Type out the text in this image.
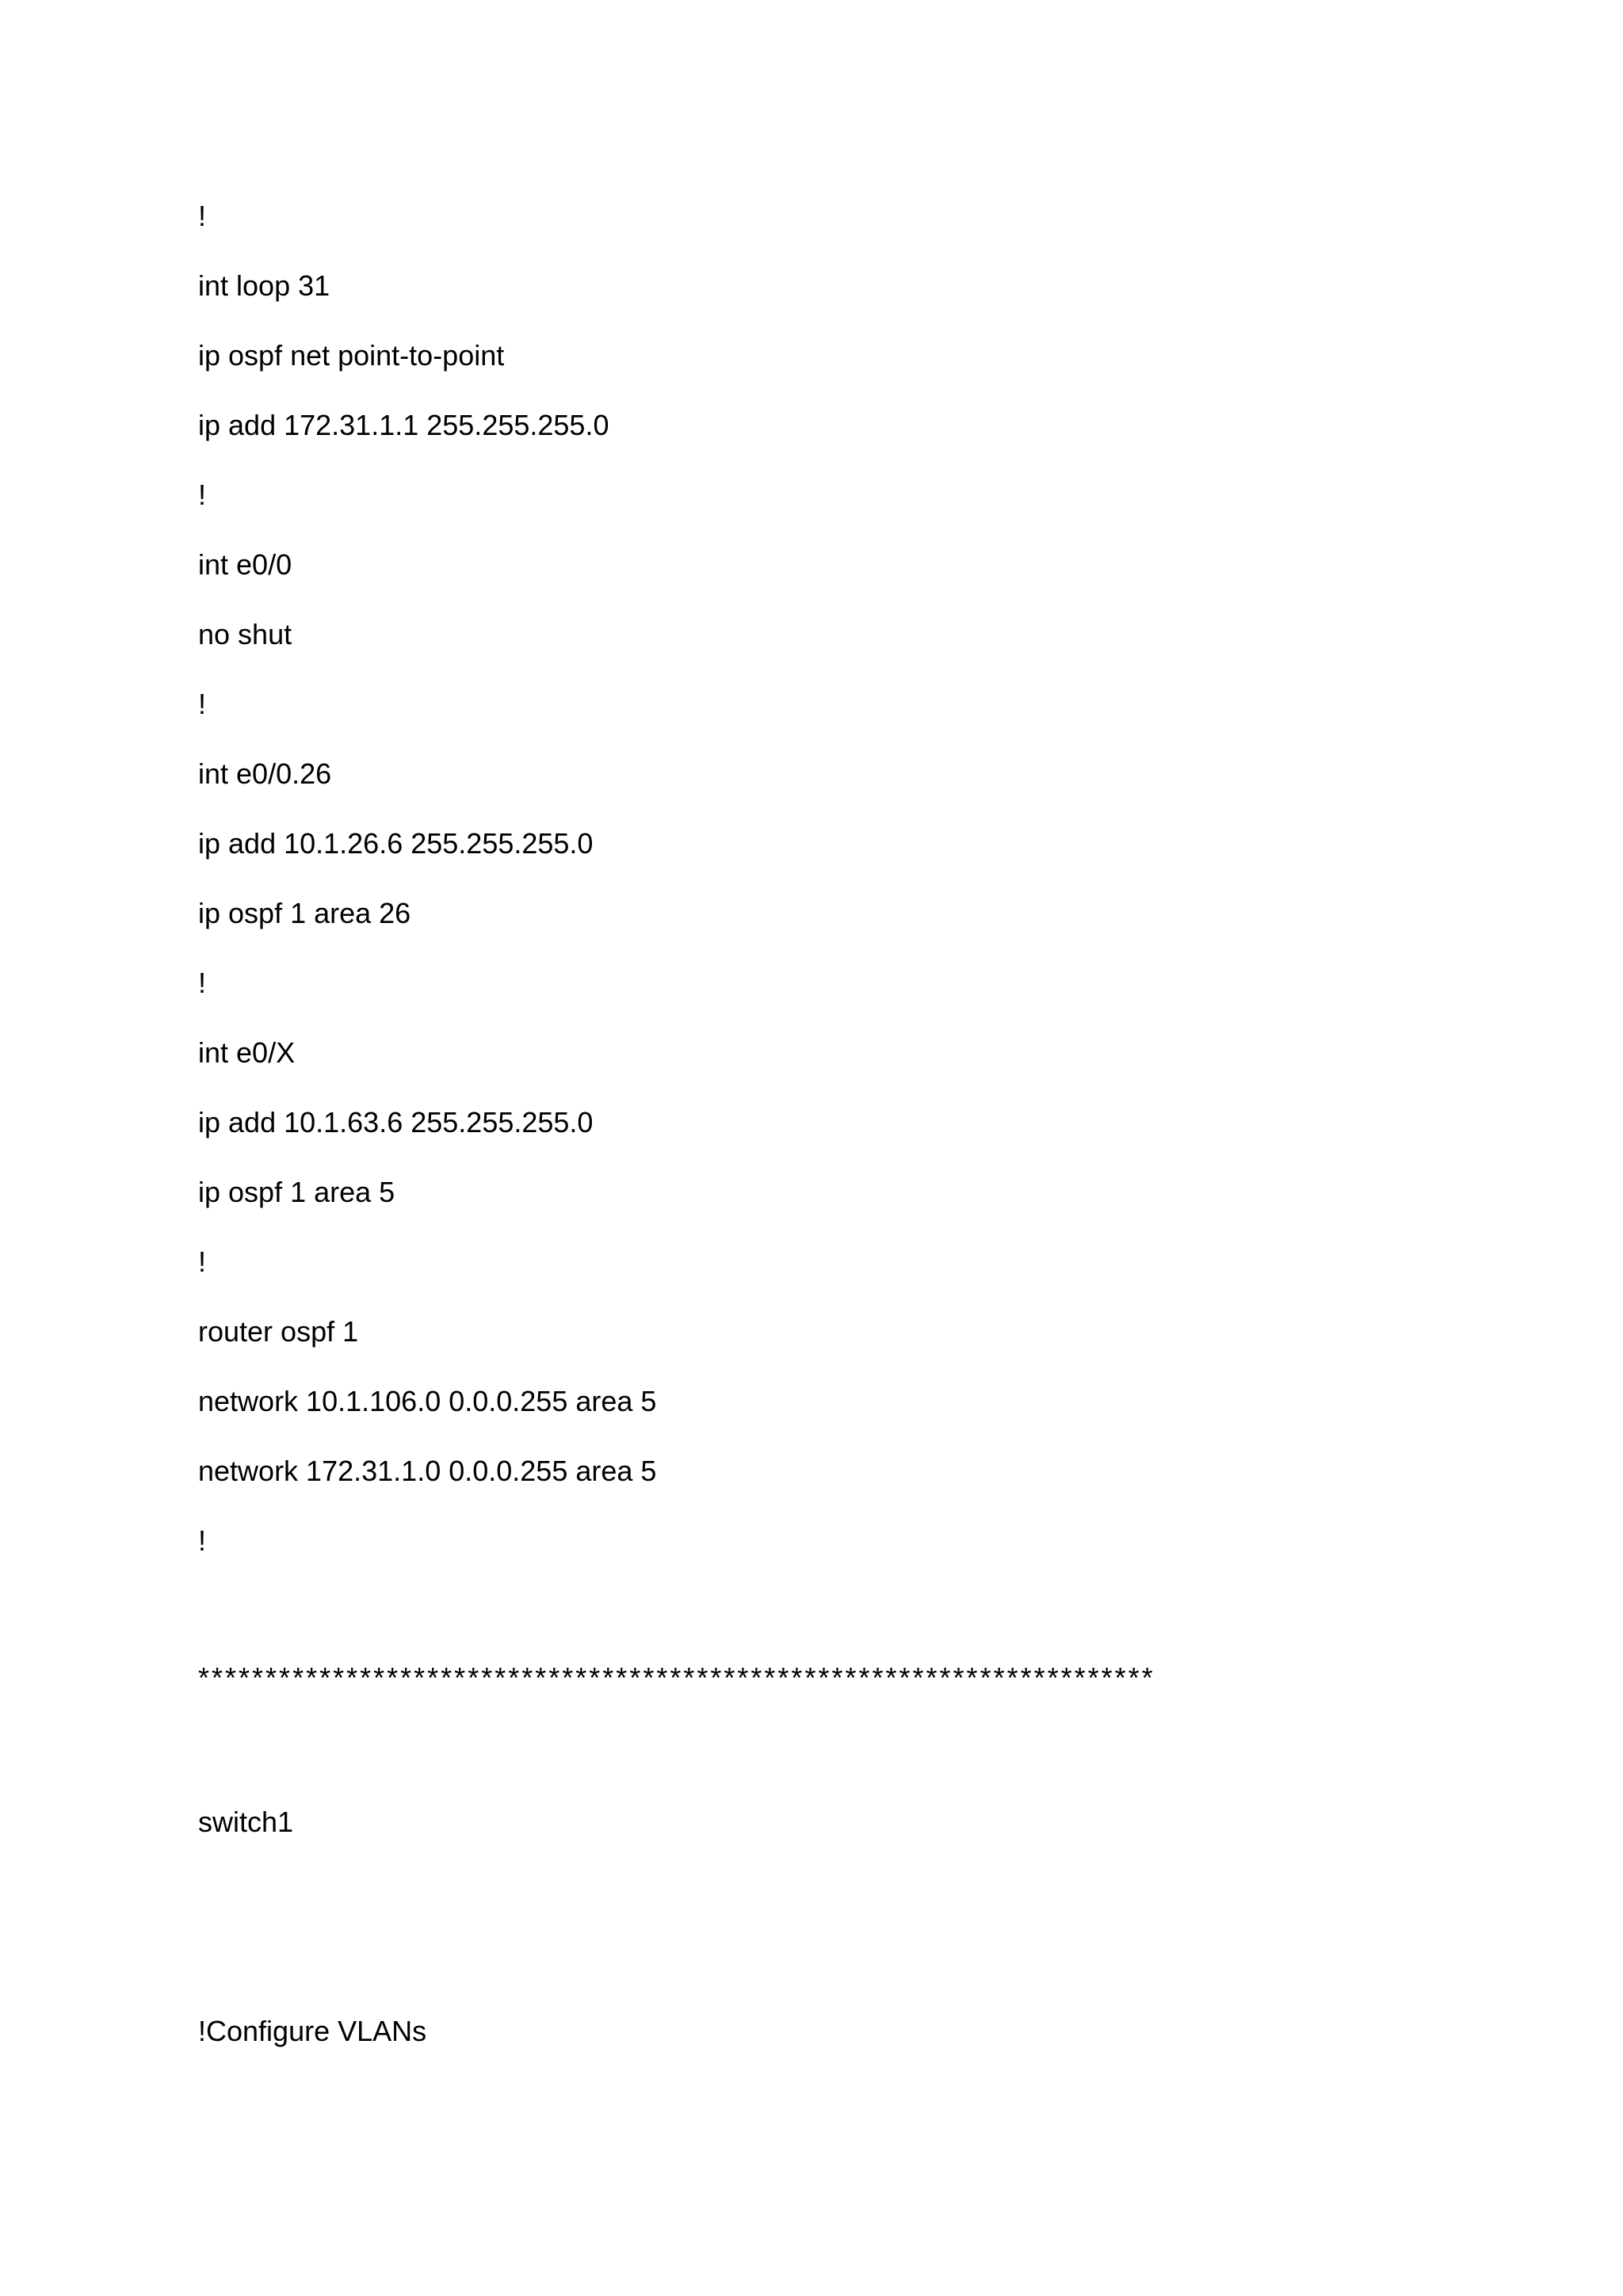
!

int loop 31

ip ospf net point-to-point

ip add 172.31.1.1 255.255.255.0

!

int e0/0

no shut

!

int e0/0.26

ip add 10.1.26.6 255.255.255.0

ip ospf 1 area 26

!

int e0/X

ip add 10.1.63.6 255.255.255.0

ip ospf 1 area 5

!

router ospf 1

network 10.1.106.0 0.0.0.255 area 5

network 172.31.1.0 0.0.0.255 area 5

!

***********************************************************************

switch1

!Configure VLANs
